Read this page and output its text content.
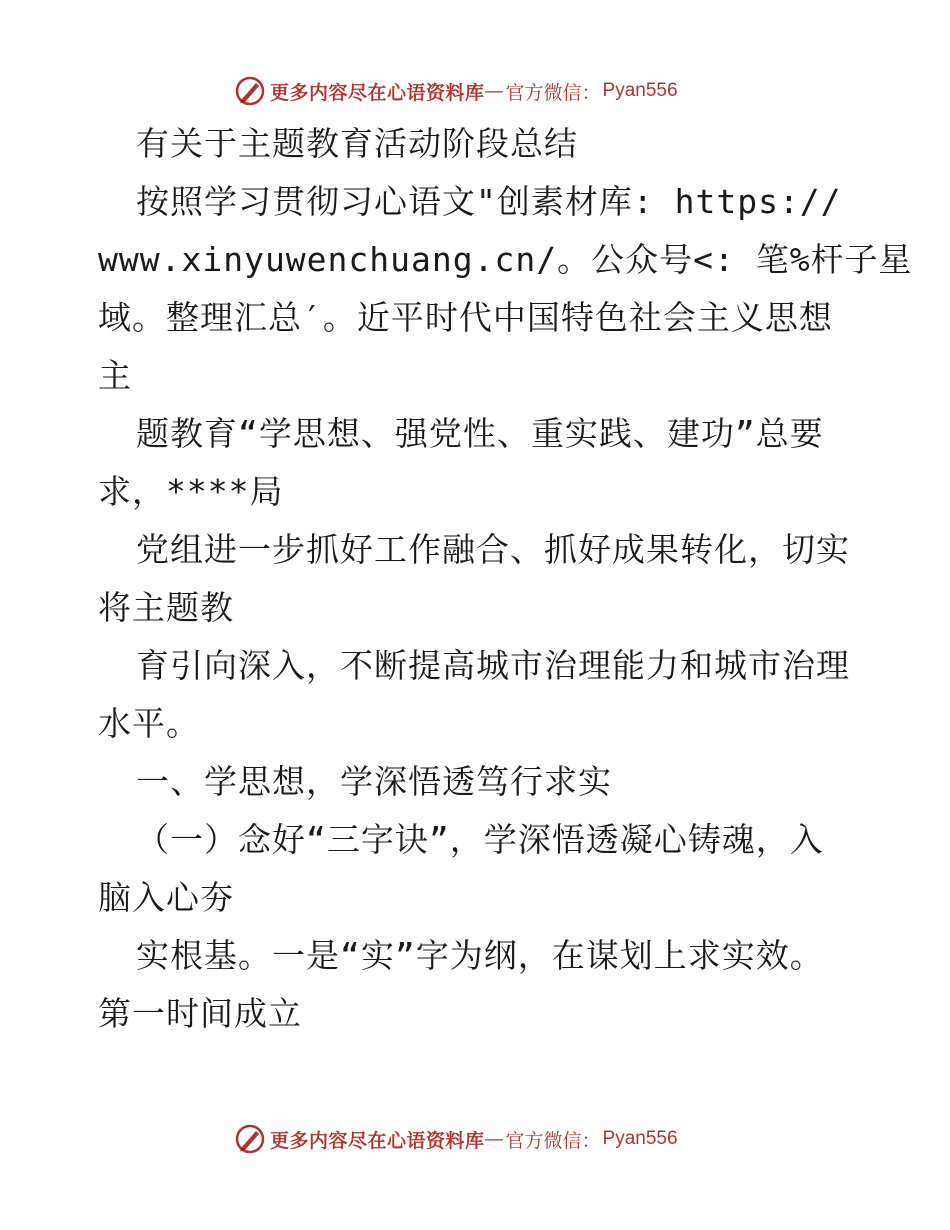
更多内容尽在心语资料库 — 官方微信： Pyan556
有关于主题教育活动阶段总结
按照学习贯彻习心语文"创素材库: https://
www.xinyuwenchuang.cn/。公众号<: 笔%杆子星
域。整理汇总′。近平时代中国特色社会主义思想
主
题教育“学思想、强党性、重实践、建功”总要
求，****局
党组进一步抓好工作融合、抓好成果转化，切实
将主题教
育引向深入，不断提高城市治理能力和城市治理
水平。
一、学思想，学深悟透笃行求实
（一）念好“三字诀”，学深悟透凝心铸魂，入
脑入心夯
实根基。一是“实”字为纲，在谋划上求实效。
第一时间成立
更多内容尽在心语资料库 — 官方微信： Pyan556
